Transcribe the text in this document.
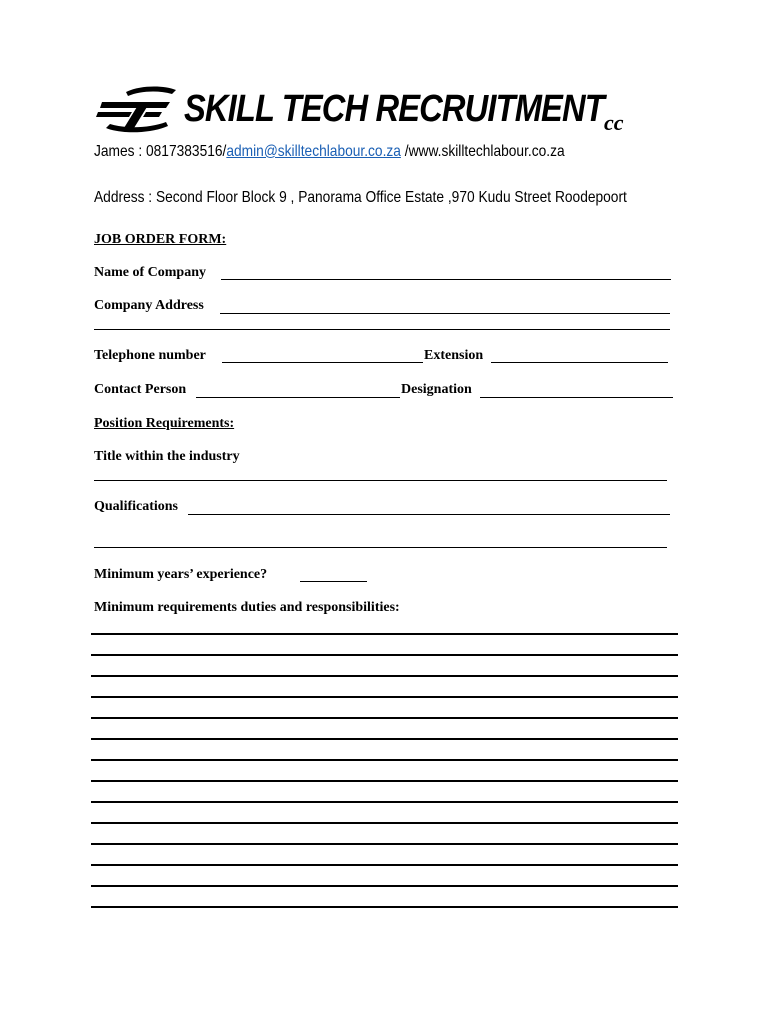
SKILL TECH RECRUITMENT cc
James : 0817383516/admin@skilltechlabour.co.za /www.skilltechlabour.co.za
Address : Second Floor Block 9 , Panorama Office Estate ,970 Kudu Street Roodepoort
JOB ORDER FORM:
Name of Company
Company Address
Telephone number	Extension
Contact Person	Designation
Position Requirements:
Title within the industry
Qualifications
Minimum years’ experience?
Minimum requirements duties and responsibilities:
